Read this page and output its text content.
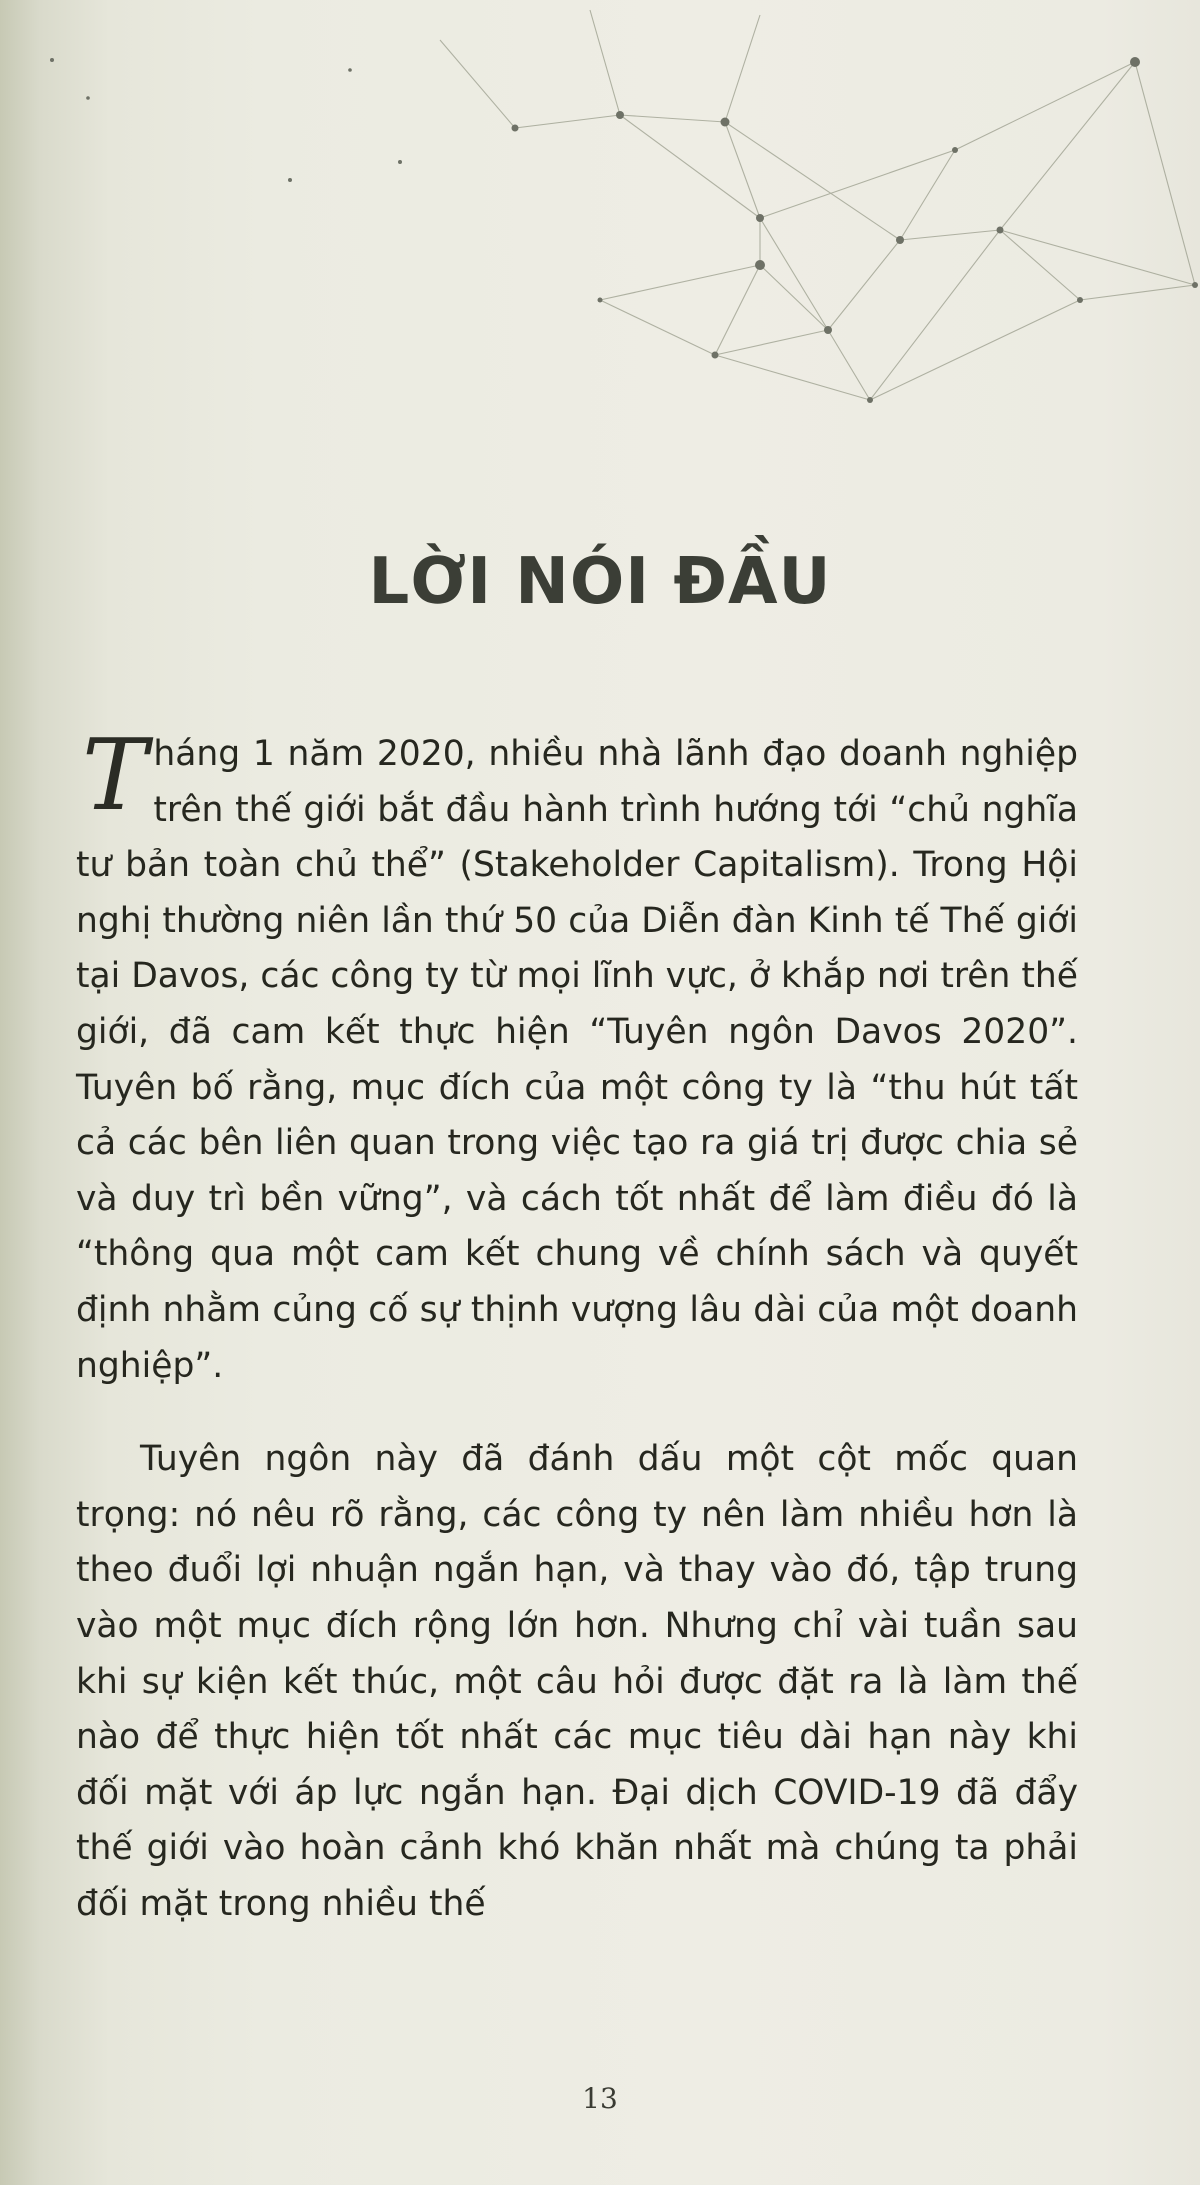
LỜI NÓI ĐẦU

Tháng 1 năm 2020, nhiều nhà lãnh đạo doanh nghiệp trên thế giới bắt đầu hành trình hướng tới “chủ nghĩa tư bản toàn chủ thể” (Stakeholder Capitalism). Trong Hội nghị thường niên lần thứ 50 của Diễn đàn Kinh tế Thế giới tại Davos, các công ty từ mọi lĩnh vực, ở khắp nơi trên thế giới, đã cam kết thực hiện “Tuyên ngôn Davos 2020”. Tuyên bố rằng, mục đích của một công ty là “thu hút tất cả các bên liên quan trong việc tạo ra giá trị được chia sẻ và duy trì bền vững”, và cách tốt nhất để làm điều đó là “thông qua một cam kết chung về chính sách và quyết định nhằm củng cố sự thịnh vượng lâu dài của một doanh nghiệp”.

Tuyên ngôn này đã đánh dấu một cột mốc quan trọng: nó nêu rõ rằng, các công ty nên làm nhiều hơn là theo đuổi lợi nhuận ngắn hạn, và thay vào đó, tập trung vào một mục đích rộng lớn hơn. Nhưng chỉ vài tuần sau khi sự kiện kết thúc, một câu hỏi được đặt ra là làm thế nào để thực hiện tốt nhất các mục tiêu dài hạn này khi đối mặt với áp lực ngắn hạn. Đại dịch COVID-19 đã đẩy thế giới vào hoàn cảnh khó khăn nhất mà chúng ta phải đối mặt trong nhiều thế

13
